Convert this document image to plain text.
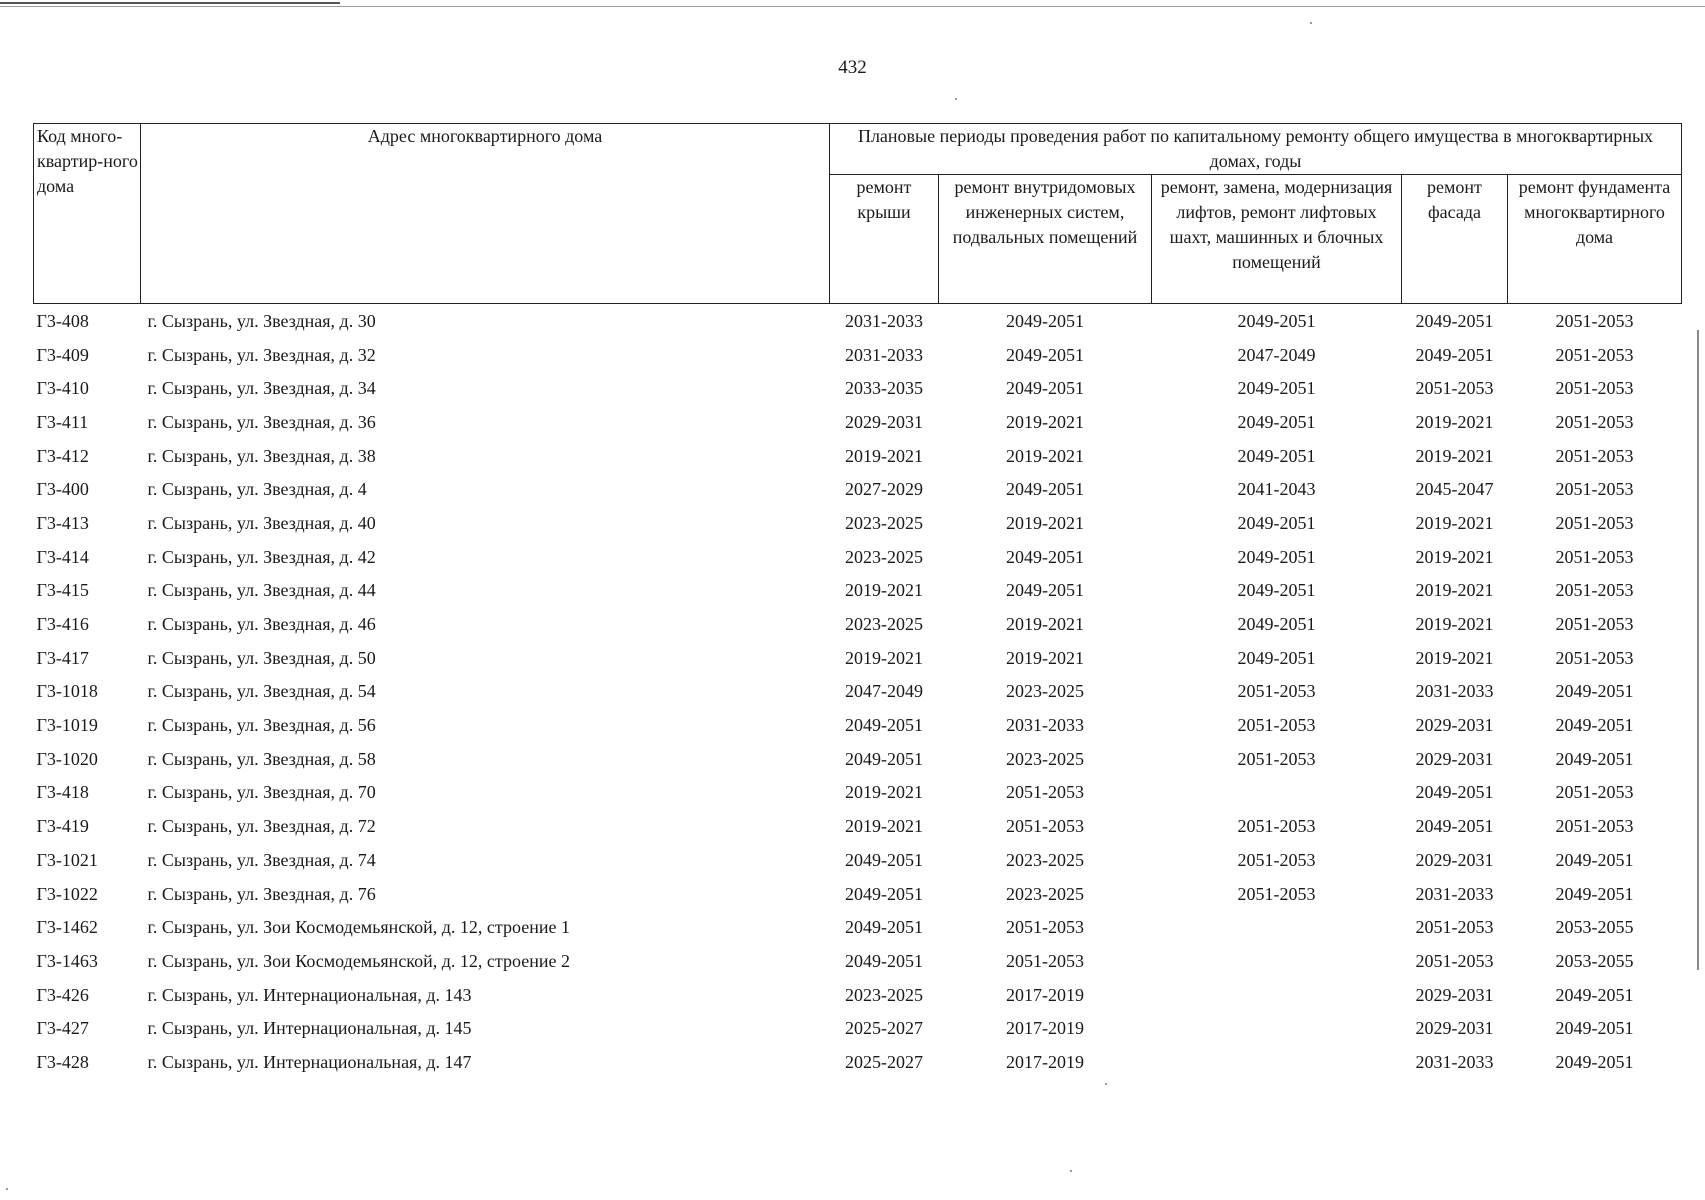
432
Код много-квартир-ного дома	Адрес многоквартирного дома	Плановые периоды проведения работ по капитальному ремонту общего имущества в многоквартирных домах, годы				
		ремонт крыши	ремонт внутридомовых инженерных систем, подвальных помещений	ремонт, замена, модернизация лифтов, ремонт лифтовых шахт, машинных и блочных помещений	ремонт фасада	ремонт фундамента многоквартирного дома
Г3-408	г. Сызрань, ул. Звездная, д. 30	2031-2033	2049-2051	2049-2051	2049-2051	2051-2053
Г3-409	г. Сызрань, ул. Звездная, д. 32	2031-2033	2049-2051	2047-2049	2049-2051	2051-2053
Г3-410	г. Сызрань, ул. Звездная, д. 34	2033-2035	2049-2051	2049-2051	2051-2053	2051-2053
Г3-411	г. Сызрань, ул. Звездная, д. 36	2029-2031	2019-2021	2049-2051	2019-2021	2051-2053
Г3-412	г. Сызрань, ул. Звездная, д. 38	2019-2021	2019-2021	2049-2051	2019-2021	2051-2053
Г3-400	г. Сызрань, ул. Звездная, д. 4	2027-2029	2049-2051	2041-2043	2045-2047	2051-2053
Г3-413	г. Сызрань, ул. Звездная, д. 40	2023-2025	2019-2021	2049-2051	2019-2021	2051-2053
Г3-414	г. Сызрань, ул. Звездная, д. 42	2023-2025	2049-2051	2049-2051	2019-2021	2051-2053
Г3-415	г. Сызрань, ул. Звездная, д. 44	2019-2021	2049-2051	2049-2051	2019-2021	2051-2053
Г3-416	г. Сызрань, ул. Звездная, д. 46	2023-2025	2019-2021	2049-2051	2019-2021	2051-2053
Г3-417	г. Сызрань, ул. Звездная, д. 50	2019-2021	2019-2021	2049-2051	2019-2021	2051-2053
Г3-1018	г. Сызрань, ул. Звездная, д. 54	2047-2049	2023-2025	2051-2053	2031-2033	2049-2051
Г3-1019	г. Сызрань, ул. Звездная, д. 56	2049-2051	2031-2033	2051-2053	2029-2031	2049-2051
Г3-1020	г. Сызрань, ул. Звездная, д. 58	2049-2051	2023-2025	2051-2053	2029-2031	2049-2051
Г3-418	г. Сызрань, ул. Звездная, д. 70	2019-2021	2051-2053		2049-2051	2051-2053
Г3-419	г. Сызрань, ул. Звездная, д. 72	2019-2021	2051-2053	2051-2053	2049-2051	2051-2053
Г3-1021	г. Сызрань, ул. Звездная, д. 74	2049-2051	2023-2025	2051-2053	2029-2031	2049-2051
Г3-1022	г. Сызрань, ул. Звездная, д. 76	2049-2051	2023-2025	2051-2053	2031-2033	2049-2051
Г3-1462	г. Сызрань, ул. Зои Космодемьянской, д. 12, строение 1	2049-2051	2051-2053		2051-2053	2053-2055
Г3-1463	г. Сызрань, ул. Зои Космодемьянской, д. 12, строение 2	2049-2051	2051-2053		2051-2053	2053-2055
Г3-426	г. Сызрань, ул. Интернациональная, д. 143	2023-2025	2017-2019		2029-2031	2049-2051
Г3-427	г. Сызрань, ул. Интернациональная, д. 145	2025-2027	2017-2019		2029-2031	2049-2051
Г3-428	г. Сызрань, ул. Интернациональная, д. 147	2025-2027	2017-2019		2031-2033	2049-2051
